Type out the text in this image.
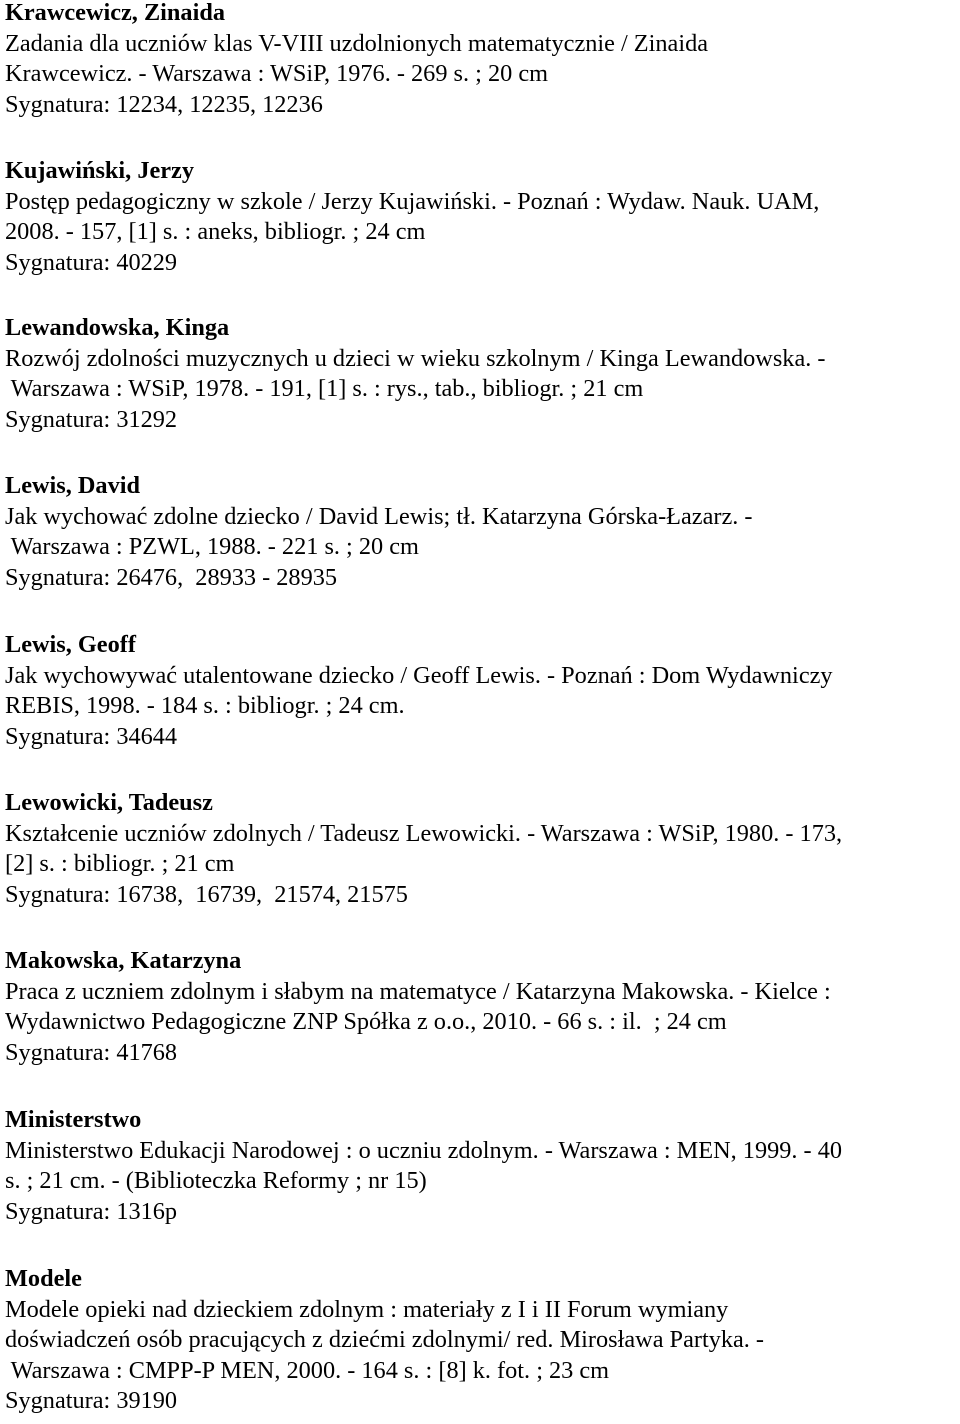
Krawcewicz, Zinaida
Zadania dla uczniów klas V-VIII uzdolnionych matematycznie / Zinaida
Krawcewicz. - Warszawa : WSiP, 1976. - 269 s. ; 20 cm
Sygnatura: 12234, 12235, 12236
Kujawiński, Jerzy
Postęp pedagogiczny w szkole / Jerzy Kujawiński. - Poznań : Wydaw. Nauk. UAM,
2008. - 157, [1] s. : aneks, bibliogr. ; 24 cm
Sygnatura: 40229
Lewandowska, Kinga
Rozwój zdolności muzycznych u dzieci w wieku szkolnym / Kinga Lewandowska. -
Warszawa : WSiP, 1978. - 191, [1] s. : rys., tab., bibliogr. ; 21 cm
Sygnatura: 31292
Lewis, David
Jak wychować zdolne dziecko / David Lewis; tł. Katarzyna Górska-Łazarz. -
Warszawa : PZWL, 1988. - 221 s. ; 20 cm
Sygnatura: 26476,  28933 - 28935
Lewis, Geoff
Jak wychowywać utalentowane dziecko / Geoff Lewis. - Poznań : Dom Wydawniczy
REBIS, 1998. - 184 s. : bibliogr. ; 24 cm.
Sygnatura: 34644
Lewowicki, Tadeusz
Kształcenie uczniów zdolnych / Tadeusz Lewowicki. - Warszawa : WSiP, 1980. - 173,
[2] s. : bibliogr. ; 21 cm
Sygnatura: 16738,  16739,  21574, 21575
Makowska, Katarzyna
Praca z uczniem zdolnym i słabym na matematyce / Katarzyna Makowska. - Kielce :
Wydawnictwo Pedagogiczne ZNP Spółka z o.o., 2010. - 66 s. : il.  ; 24 cm
Sygnatura: 41768
Ministerstwo
Ministerstwo Edukacji Narodowej : o uczniu zdolnym. - Warszawa : MEN, 1999. - 40
s. ; 21 cm. - (Biblioteczka Reformy ; nr 15)
Sygnatura: 1316p
Modele
Modele opieki nad dzieckiem zdolnym : materiały z I i II Forum wymiany
doświadczeń osób pracujących z dziećmi zdolnymi/ red. Mirosława Partyka. -
Warszawa : CMPP-P MEN, 2000. - 164 s. : [8] k. fot. ; 23 cm
Sygnatura: 39190
